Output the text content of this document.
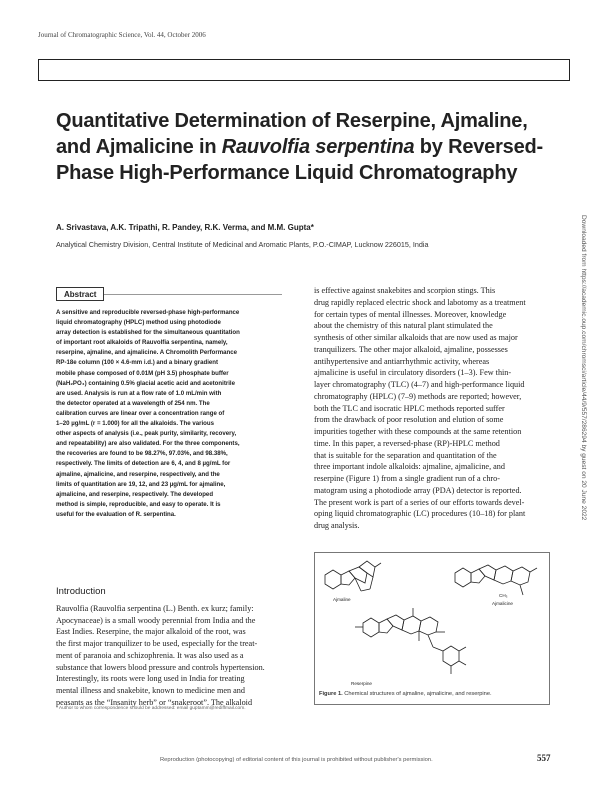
Journal of Chromatographic Science, Vol. 44, October 2006
Quantitative Determination of Reserpine, Ajmaline,
and Ajmalicine in Rauvolfia serpentina by Reversed-
Phase High-Performance Liquid Chromatography
A. Srivastava, A.K. Tripathi, R. Pandey, R.K. Verma, and M.M. Gupta*
Analytical Chemistry Division, Central Institute of Medicinal and Aromatic Plants, P.O.-CIMAP, Lucknow 226015, India	Downloaded from https://academic.oup.com/chromsci/article/44/9/557/286294 by guest on 20 June 2022
Abstract

A sensitive and reproducible reversed-phase high-performance

liquid chromatography (HPLC) method using photodiode

array detection is established for the simultaneous quantitation

of important root alkaloids of Rauvolfia serpentina, namely,

reserpine, ajmaline, and ajmalicine. A Chromolith Performance

RP-18e column (100 × 4.6-mm i.d.) and a binary gradient

mobile phase composed of 0.01M (pH 3.5) phosphate buffer

(NaH₂PO₄) containing 0.5% glacial acetic acid and acetonitrile

are used. Analysis is run at a flow rate of 1.0 mL/min with

the detector operated at a wavelength of 254 nm. The

calibration curves are linear over a concentration range of

1–20 µg/mL (r = 1.000) for all the alkaloids. The various

other aspects of analysis (i.e., peak purity, similarity, recovery,

and repeatability) are also validated. For the three components,

the recoveries are found to be 98.27%, 97.03%, and 98.38%,

respectively. The limits of detection are 6, 4, and 8 µg/mL for

ajmaline, ajmalicine, and reserpine, respectively, and the

limits of quantitation are 19, 12, and 23 µg/mL for ajmaline,

ajmalicine, and reserpine, respectively. The developed

method is simple, reproducible, and easy to operate. It is

useful for the evaluation of R. serpentina.

Introduction

Rauvolfia (Rauvolfia serpentina (L.) Benth. ex kurz; family:

Apocynaceae) is a small woody perennial from India and the

East Indies. Reserpine, the major alkaloid of the root, was

the first major tranquilizer to be used, especially for the treat-

ment of paranoia and schizophrenia. It was also used as a

substance that lowers blood pressure and controls hypertension.

Interestingly, its roots were long used in India for treating

mental illness and snakebite, known to medicine men and

peasants as the “Insanity herb” or “snakeroot”. The alkaloid

* Author to whom correspondence should be addressed: email guptamm@rediffmail.com.

is effective against snakebites and scorpion stings. This

drug rapidly replaced electric shock and labotomy as a treatment

for certain types of mental illnesses. Moreover, knowledge

about the chemistry of this natural plant stimulated the

synthesis of other similar alkaloids that are now used as major

tranquilizers. The other major alkaloid, ajmaline, possesses

antihypertensive and antiarrhythmic activity, whereas

ajmalicine is useful in circulatory disorders (1–3). Few thin-

layer chromatography (TLC) (4–7) and high-performance liquid

chromatography (HPLC) (7–9) methods are reported; however,

both the TLC and isocratic HPLC methods reported suffer

from the drawback of poor resolution and elution of some

impurities together with these compounds at the same retention

time. In this paper, a reversed-phase (RP)-HPLC method

that is suitable for the separation and quantitation of the

three important indole alkaloids: ajmaline, ajmalicine, and

reserpine (Figure 1) from a single gradient run of a chro-

matogram using a photodiode array (PDA) detector is reported.

The present work is part of a series of our efforts towards devel-

oping liquid chromatographic (LC) procedures (10–18) for plant

drug analysis.

Ajmaline
Ajmalicine
CH₃
Reserpine
Figure 1. Chemical structures of ajmaline, ajmalicine, and reserpine.
Reproduction (photocopying) of editorial content of this journal is prohibited without publisher's permission.	557
